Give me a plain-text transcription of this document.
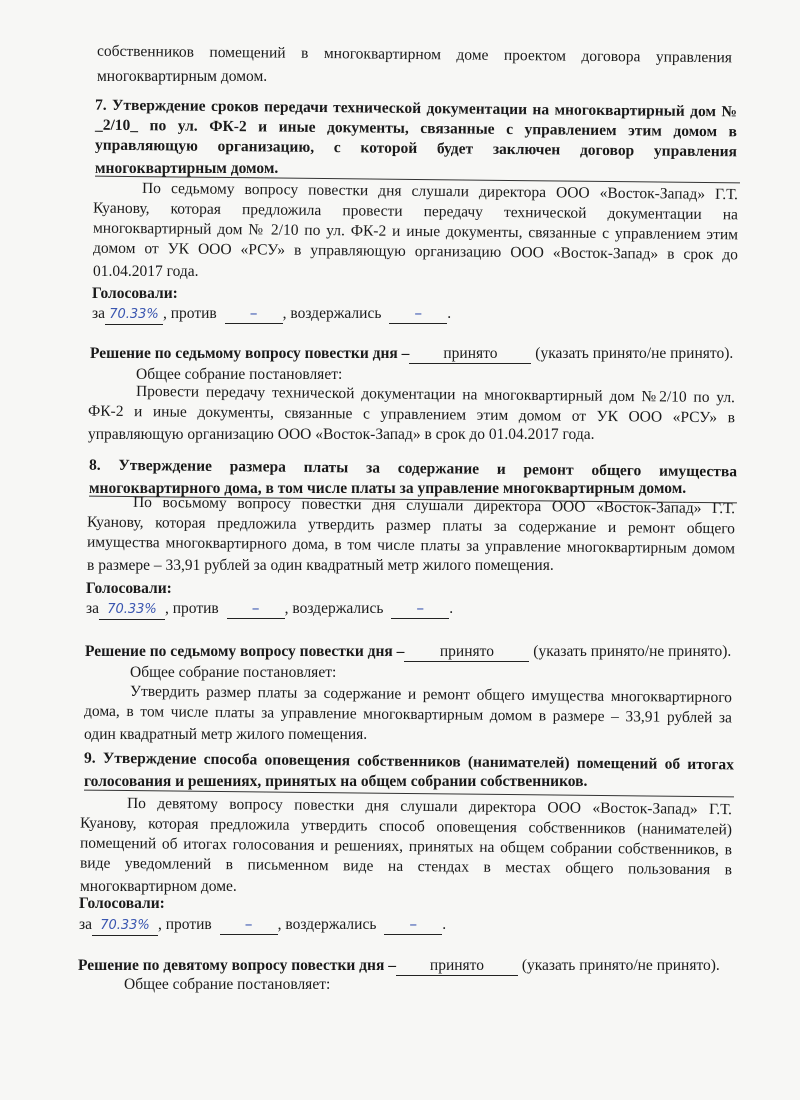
собственников помещений в многоквартирном доме проектом договора управления
многоквартирным домом.
7. Утверждение сроков передачи технической документации на многоквартирный дом №
_2/10_ по ул. ФК-2 и иные документы, связанные с управлением этим домом в
управляющую организацию, с которой будет заключен договор управления
многоквартирным домом.
По седьмому вопросу повестки дня слушали директора ООО «Восток-Запад» Г.Т.
Куанову, которая предложила провести передачу технической документации на
многоквартирный дом № 2/10 по ул. ФК-2 и иные документы, связанные с управлением этим
домом от УК ООО «РСУ» в управляющую организацию ООО «Восток-Запад» в срок до
01.04.2017 года.
Голосовали:
за 70.33% , против – , воздержались – .
Решение по седьмому вопросу повестки дня – принято (указать принято/не принято).
Общее собрание постановляет:
Провести передачу технической документации на многоквартирный дом №2/10 по ул.
ФК-2 и иные документы, связанные с управлением этим домом от УК ООО «РСУ» в
управляющую организацию ООО «Восток-Запад» в срок до 01.04.2017 года.
8. Утверждение размера платы за содержание и ремонт общего имущества
многоквартирного дома, в том числе платы за управление многоквартирным домом.
По восьмому вопросу повестки дня слушали директора ООО «Восток-Запад» Г.Т.
Куанову, которая предложила утвердить размер платы за содержание и ремонт общего
имущества многоквартирного дома, в том числе платы за управление многоквартирным домом
в размере – 33,91 рублей за один квадратный метр жилого помещения.
Голосовали:
за 70.33% , против – , воздержались – .
Решение по седьмому вопросу повестки дня – принято	(указать принято/не принято).
Общее собрание постановляет:
Утвердить размер платы за содержание и ремонт общего имущества многоквартирного
дома, в том числе платы за управление многоквартирным домом в размере – 33,91 рублей за
один квадратный метр жилого помещения.
9. Утверждение способа оповещения собственников (нанимателей) помещений об итогах
голосования и решениях, принятых на общем собрании собственников.
По девятому вопросу повестки дня слушали директора ООО «Восток-Запад» Г.Т.
Куанову, которая предложила утвердить способ оповещения собственников (нанимателей)
помещений об итогах голосования и решениях, принятых на общем собрании собственников, в
виде уведомлений в письменном виде на стендах в местах общего пользования в
многоквартирном доме.
Голосовали:
за 70.33% , против – , воздержались – .
Решение по девятому вопросу повестки дня – принято (указать принято/не принято).
Общее собрание постановляет:
